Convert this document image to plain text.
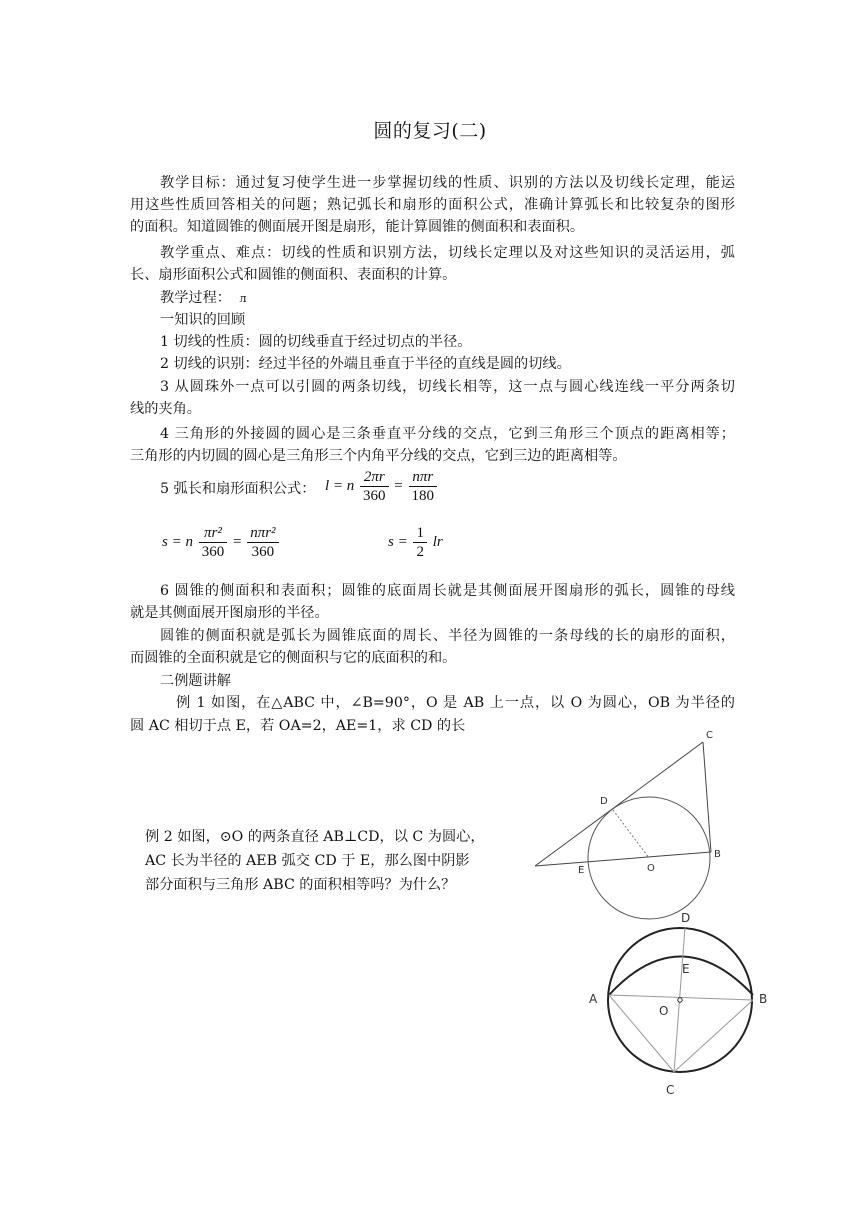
圆的复习(二)
教学目标：通过复习使学生进一步掌握切线的性质、识别的方法以及切线长定理，能运
用这些性质回答相关的问题；熟记弧长和扇形的面积公式，准确计算弧长和比较复杂的图形
的面积。知道圆锥的侧面展开图是扇形，能计算圆锥的侧面积和表面积。
教学重点、难点：切线的性质和识别方法，切线长定理以及对这些知识的灵活运用，弧
长、扇形面积公式和圆锥的侧面积、表面积的计算。
教学过程： л
一知识的回顾
1 切线的性质：圆的切线垂直于经过切点的半径。
2 切线的识别：经过半径的外端且垂直于半径的直线是圆的切线。
3 从圆珠外一点可以引圆的两条切线，切线长相等，这一点与圆心线连线一平分两条切
线的夹角。
4 三角形的外接圆的圆心是三条垂直平分线的交点，它到三角形三个顶点的距离相等；
三角形的内切圆的圆心是三角形三个内角平分线的交点，它到三边的距离相等。
5 弧长和扇形面积公式： l = n $\frac{2\pi r}{360} = \frac{\text{nπr}}{180}$
s = n $\frac{\text{πr²}}{360} = \frac{\text{nπr²}}{360}$	$s = \frac{1}{2}$ lr
6 圆锥的侧面积和表面积；圆锥的底面周长就是其侧面展开图扇形的弧长，圆锥的母线
就是其侧面展开图扇形的半径。
圆锥的侧面积就是弧长为圆锥底面的周长、半径为圆锥的一条母线的长的扇形的面积，
而圆锥的全面积就是它的侧面积与它的底面积的和。
二例题讲解
例 1 如图，在△ABC 中，∠B=90°，O 是 AB 上一点，以 O 为圆心，OB 为半径的
圆 AC 相切于点 E，若 OA=2，AE=1，求 CD 的长
例 2 如图，⊙O 的两条直径 AB⊥CD，以 C 为圆心，
AC 长为半径的 AEB 弧交 CD 于 E，那么图中阴影
部分面积与三角形 ABC 的面积相等吗？为什么？
C
D
B
E	O
D
E
A	B
O
C
